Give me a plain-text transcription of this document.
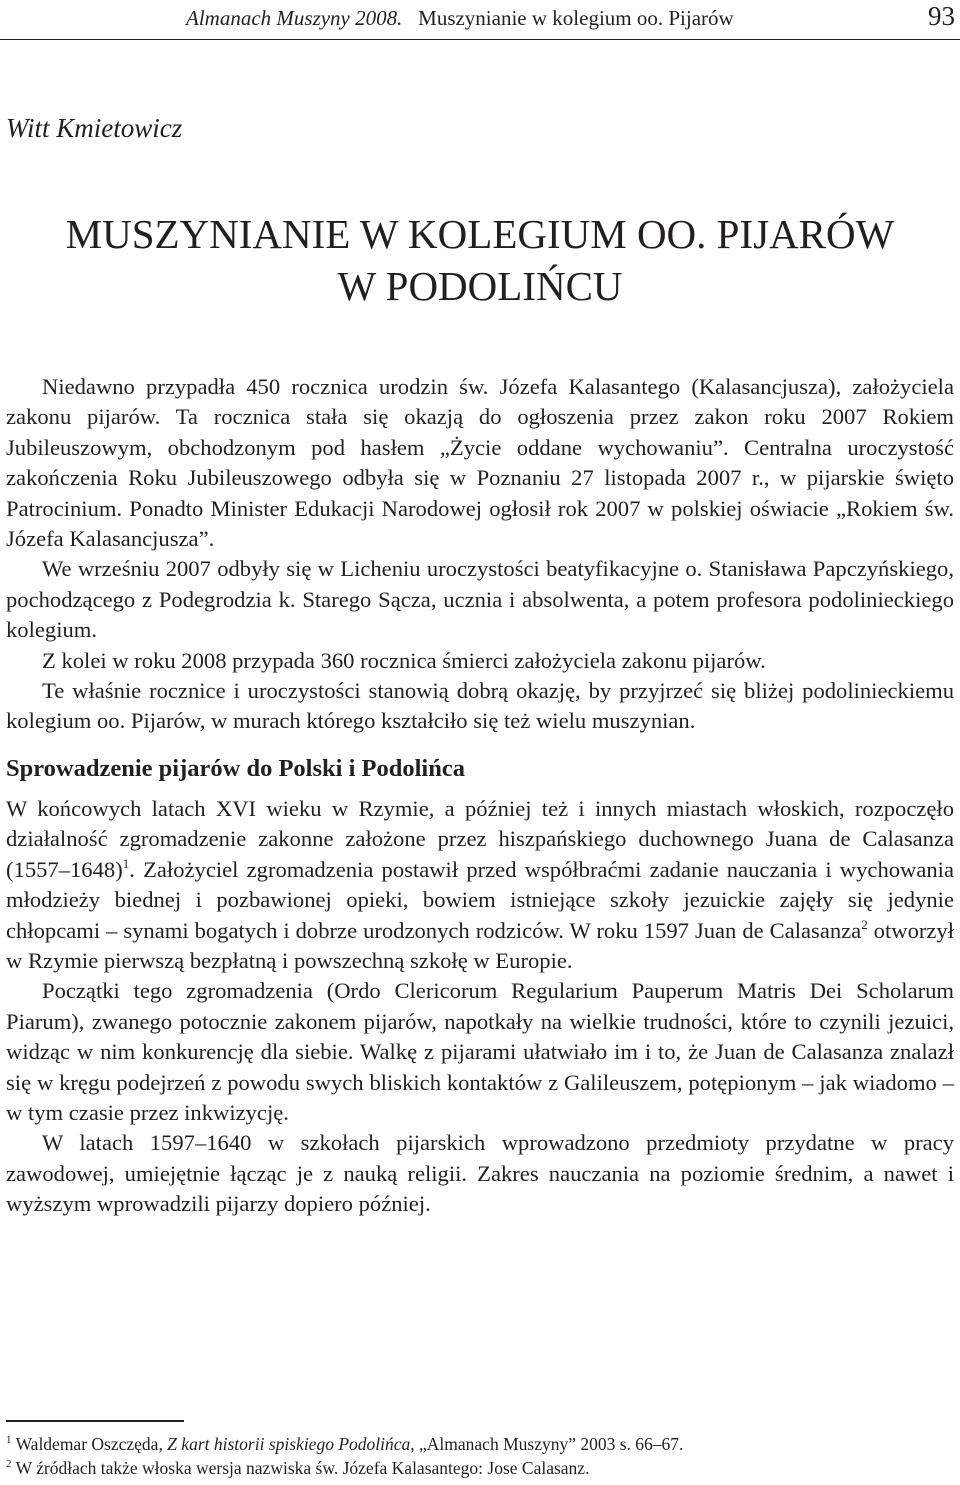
Almanach Muszyny 2008. Muszynianie w kolegium oo. Pijarów	93
Witt Kmietowicz
MUSZYNIANIE W KOLEGIUM OO. PIJARÓW
W PODOLIŃCU

Niedawno przypadła 450 rocznica urodzin św. Józefa Kalasantego (Kalasancjusza), założyciela zakonu pijarów. Ta rocznica stała się okazją do ogłoszenia przez zakon roku 2007 Rokiem Jubileuszowym, obchodzonym pod hasłem „Życie oddane wychowaniu”. Centralna uroczystość zakończenia Roku Jubileuszowego odbyła się w Poznaniu 27 listopada 2007 r., w pijarskie święto Patrocinium. Ponadto Minister Edukacji Narodowej ogłosił rok 2007 w polskiej oświacie „Rokiem św. Józefa Kalasancjusza”.

We wrześniu 2007 odbyły się w Licheniu uroczystości beatyfikacyjne o. Stanisława Papczyńskiego, pochodzącego z Podegrodzia k. Starego Sącza, ucznia i absolwenta, a potem profesora podolinieckiego kolegium.

Z kolei w roku 2008 przypada 360 rocznica śmierci założyciela zakonu pijarów.

Te właśnie rocznice i uroczystości stanowią dobrą okazję, by przyjrzeć się bliżej podolinieckiemu kolegium oo. Pijarów, w murach którego kształciło się też wielu muszynian.

Sprowadzenie pijarów do Polski i Podolińca

W końcowych latach XVI wieku w Rzymie, a później też i innych miastach włoskich, rozpoczęło działalność zgromadzenie zakonne założone przez hiszpańskiego duchownego Juana de Calasanza (1557–1648)$^1$. Założyciel zgromadzenia postawił przed współbraćmi zadanie nauczania i wychowania młodzieży biednej i pozbawionej opieki, bowiem istniejące szkoły jezuickie zajęły się jedynie chłopcami – synami bogatych i dobrze urodzonych rodziców. W roku 1597 Juan de Calasanza$^2$ otworzył w Rzymie pierwszą bezpłatną i powszechną szkołę w Europie.

Początki tego zgromadzenia (Ordo Clericorum Regularium Pauperum Matris Dei Scholarum Piarum), zwanego potocznie zakonem pijarów, napotkały na wielkie trudności, które to czynili jezuici, widząc w nim konkurencję dla siebie. Walkę z pijarami ułatwiało im i to, że Juan de Calasanza znalazł się w kręgu podejrzeń z powodu swych bliskich kontaktów z Galileuszem, potępionym – jak wiadomo – w tym czasie przez inkwizycję.

W latach 1597–1640 w szkołach pijarskich wprowadzono przedmioty przydatne w pracy zawodowej, umiejętnie łącząc je z nauką religii. Zakres nauczania na poziomie średnim, a nawet i wyższym wprowadzili pijarzy dopiero później.

$^1$ Waldemar Oszczęda, Z kart historii spiskiego Podolińca, „Almanach Muszyny” 2003 s. 66–67.

$^2$ W źródłach także włoska wersja nazwiska św. Józefa Kalasantego: Jose Calasanz.
